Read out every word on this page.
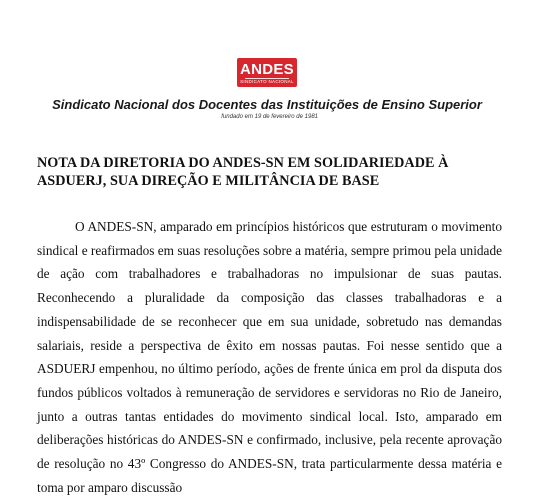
ANDES
SINDICATO NACIONAL
Sindicato Nacional dos Docentes das Instituições de Ensino Superior
fundado em 19 de fevereiro de 1981
NOTA DA DIRETORIA DO ANDES-SN EM SOLIDARIEDADE À ASDUERJ, SUA DIREÇÃO E MILITÂNCIA DE BASE

O ANDES-SN, amparado em princípios históricos que estruturam o movimento sindical e reafirmados em suas resoluções sobre a matéria, sempre primou pela unidade de ação com trabalhadores e trabalhadoras no impulsionar de suas pautas. Reconhecendo a pluralidade da composição das classes trabalhadoras e a indispensabilidade de se reconhecer que em sua unidade, sobretudo nas demandas salariais, reside a perspectiva de êxito em nossas pautas. Foi nesse sentido que a ASDUERJ empenhou, no último período, ações de frente única em prol da disputa dos fundos públicos voltados à remuneração de servidores e servidoras no Rio de Janeiro, junto a outras tantas entidades do movimento sindical local. Isto, amparado em deliberações históricas do ANDES-SN e confirmado, inclusive, pela recente aprovação de resolução no 43º Congresso do ANDES-SN, trata particularmente dessa matéria e toma por amparo discussão
